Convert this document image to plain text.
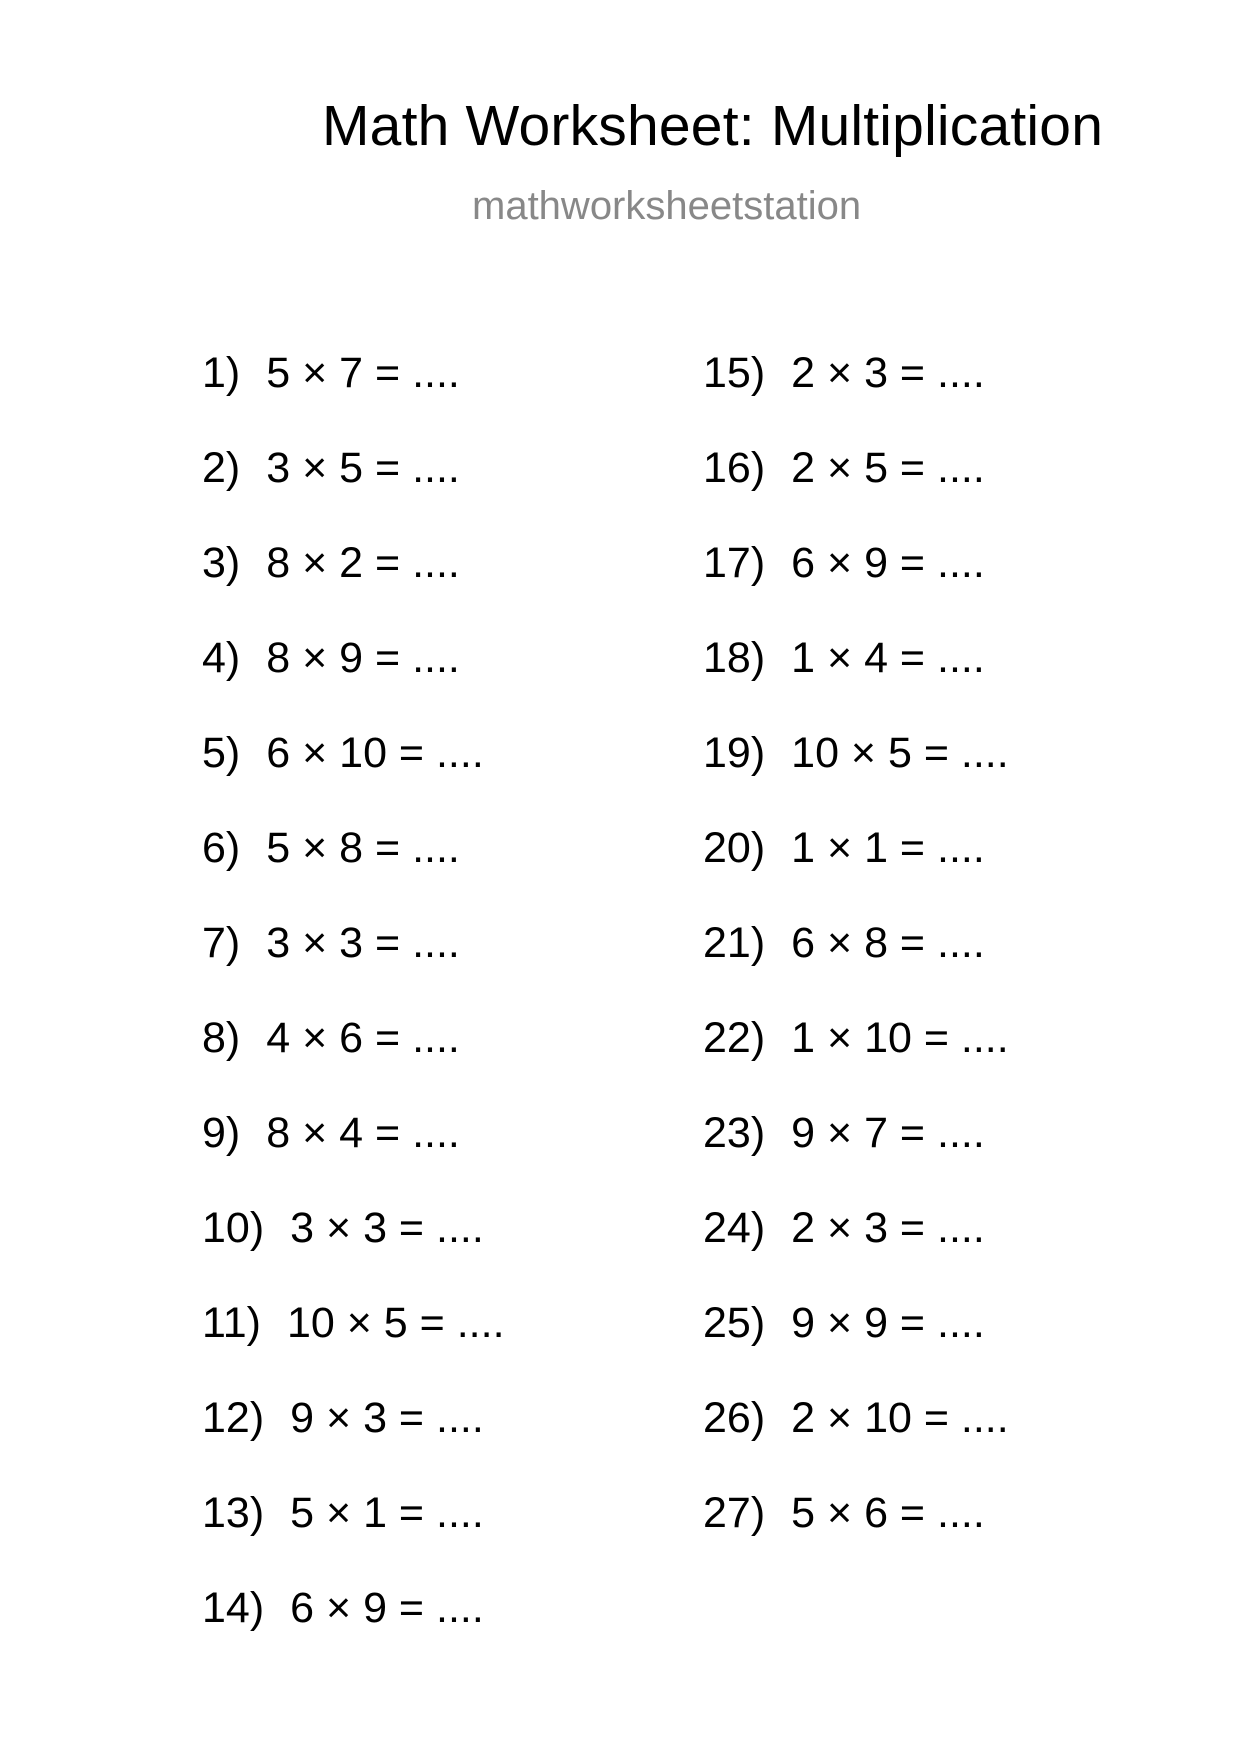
Math Worksheet: Multiplication
mathworksheetstation
1) 5 × 7 = ....
2) 3 × 5 = ....
3) 8 × 2 = ....
4) 8 × 9 = ....
5) 6 × 10 = ....
6) 5 × 8 = ....
7) 3 × 3 = ....
8) 4 × 6 = ....
9) 8 × 4 = ....
10) 3 × 3 = ....
11) 10 × 5 = ....
12) 9 × 3 = ....
13) 5 × 1 = ....
14) 6 × 9 = ....
15) 2 × 3 = ....
16) 2 × 5 = ....
17) 6 × 9 = ....
18) 1 × 4 = ....
19) 10 × 5 = ....
20) 1 × 1 = ....
21) 6 × 8 = ....
22) 1 × 10 = ....
23) 9 × 7 = ....
24) 2 × 3 = ....
25) 9 × 9 = ....
26) 2 × 10 = ....
27) 5 × 6 = ....
